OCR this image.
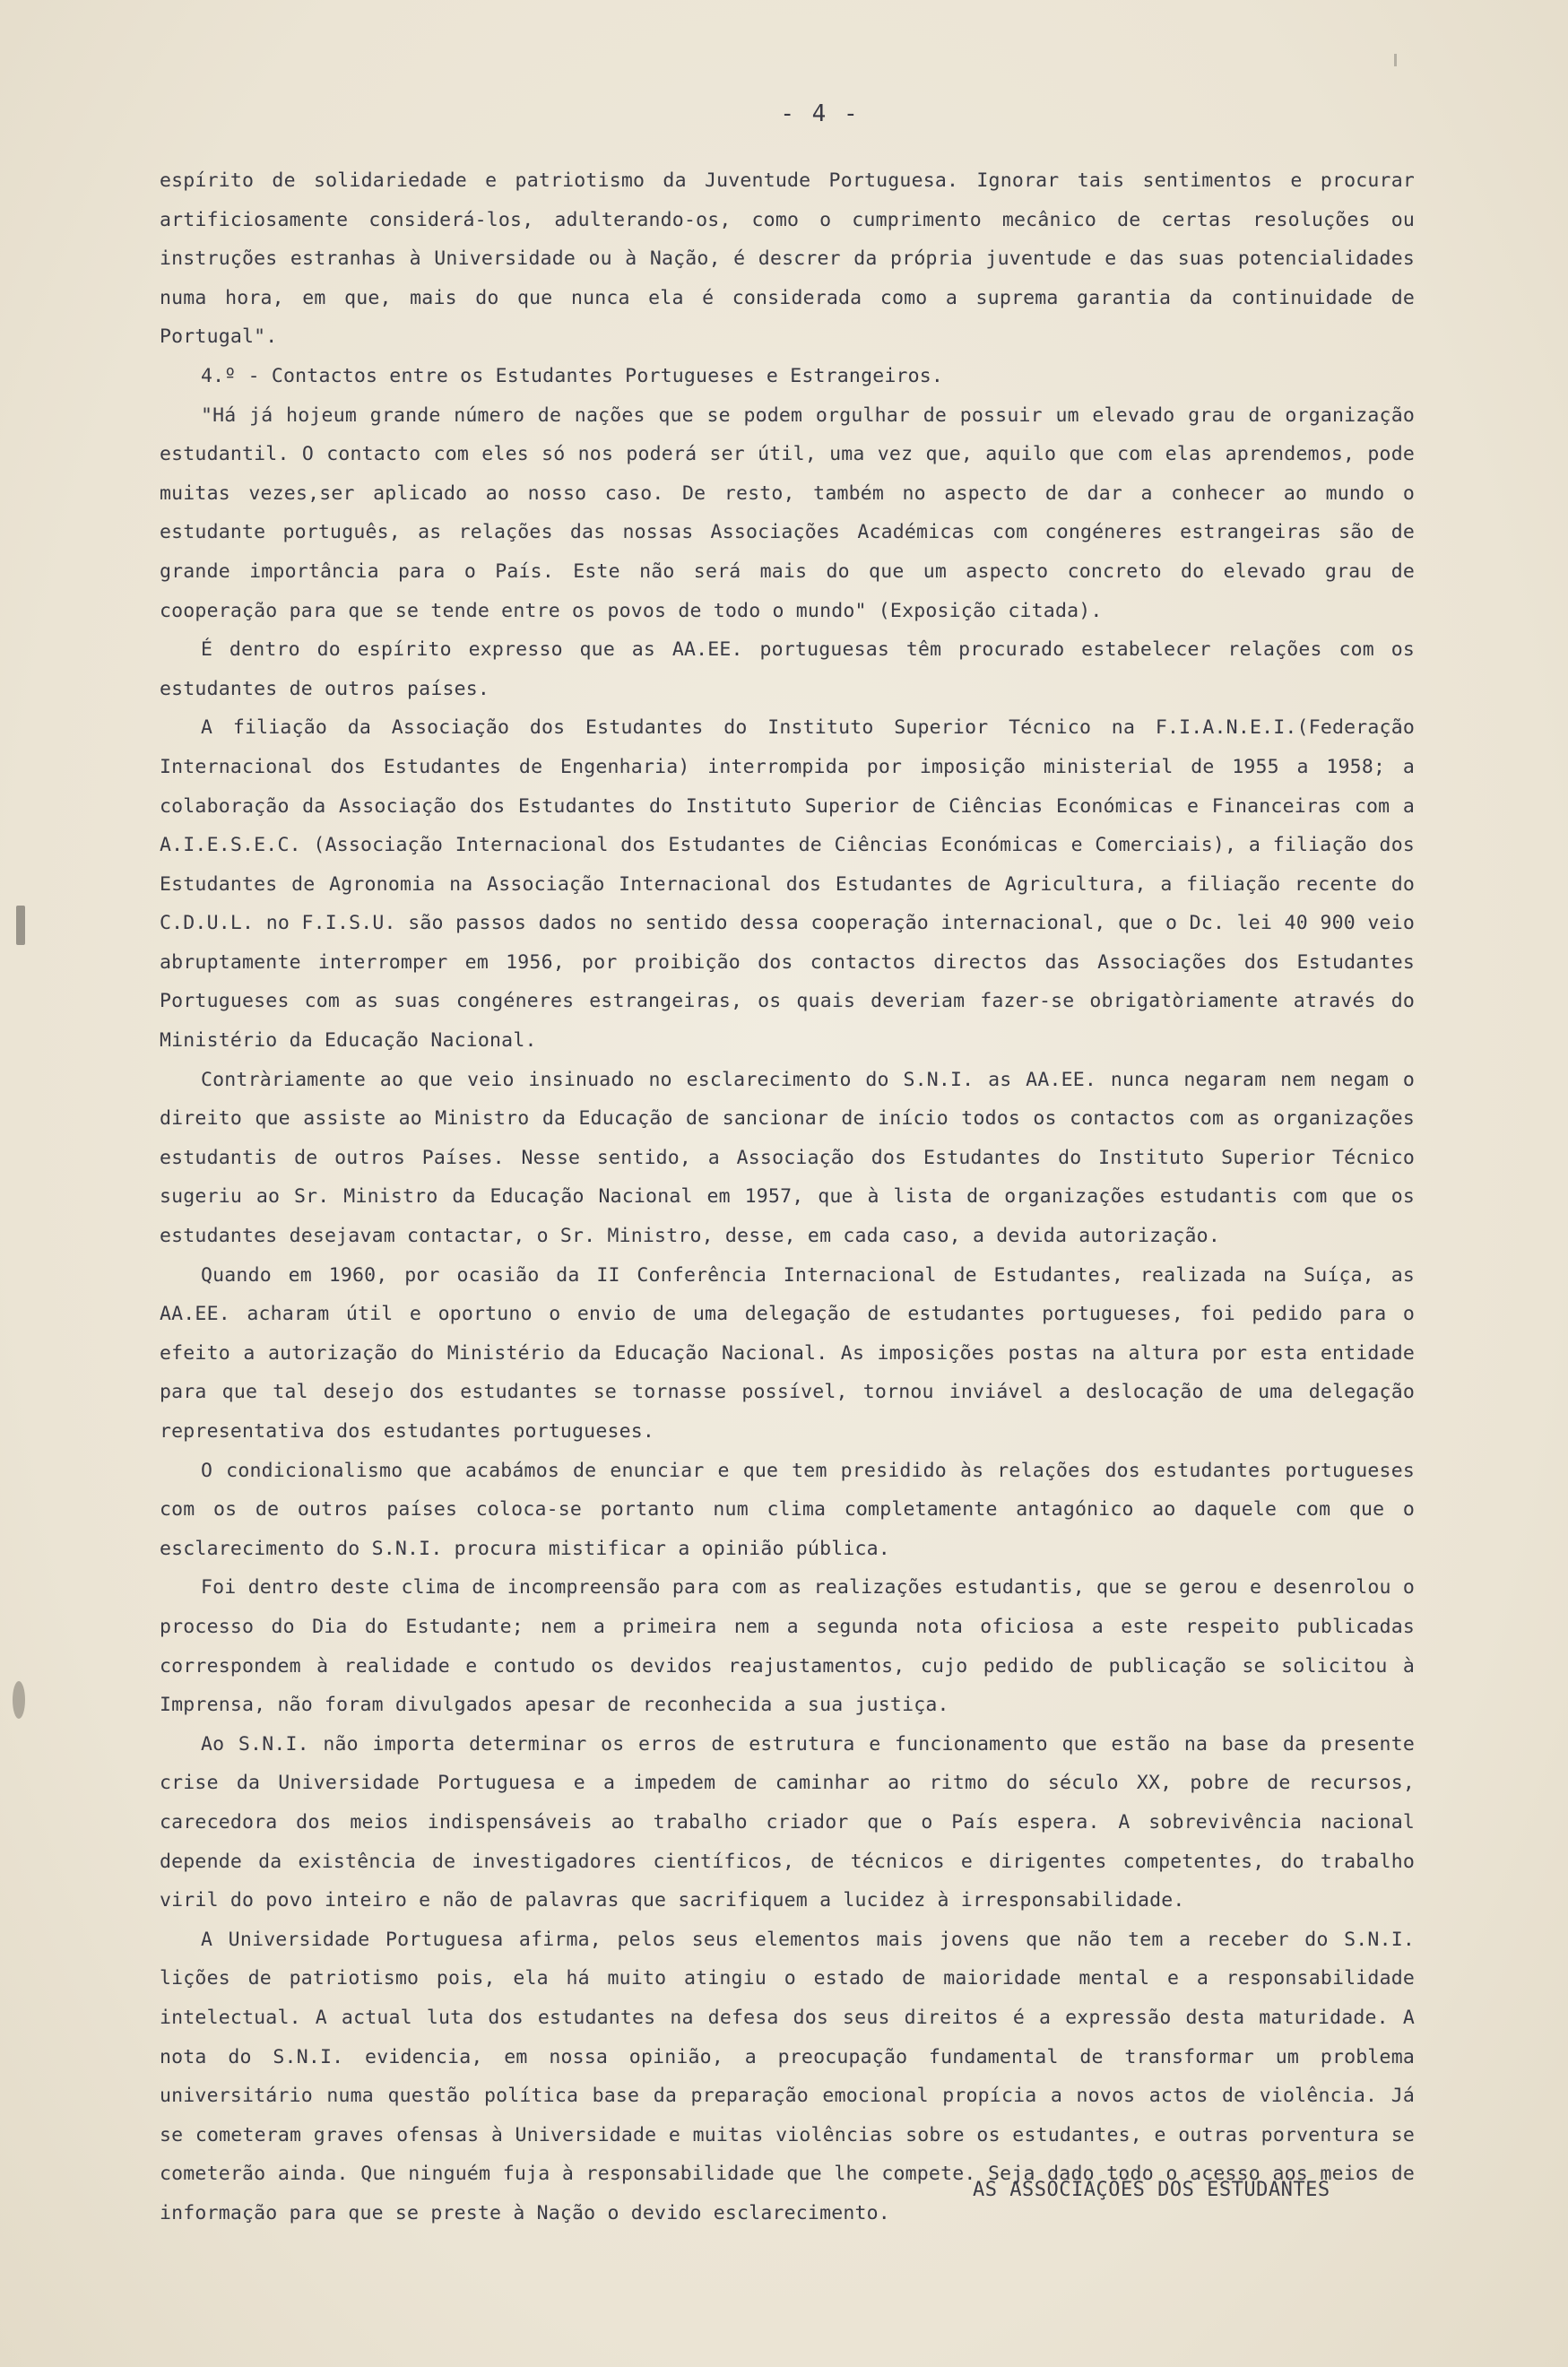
- 4 -

espírito de solidariedade e patriotismo da Juventude Portuguesa. Ignorar tais sentimentos e procurar artificiosamente considerá-los, adulterando-os, como o cumprimento mecânico de certas resoluções ou instruções estranhas à Universidade ou à Nação, é descrer da própria juventude e das suas potencialidades numa hora, em que, mais do que nunca ela é considerada como a suprema garantia da continuidade de Portugal".

4.º - Contactos entre os Estudantes Portugueses e Estrangeiros.

"Há já hojeum grande número de nações que se podem orgulhar de possuir um elevado grau de organização estudantil. O contacto com eles só nos poderá ser útil, uma vez que, aquilo que com elas aprendemos, pode muitas vezes,ser aplicado ao nosso caso. De resto, também no aspecto de dar a conhecer ao mundo o estudante português, as relações das nossas Associações Académicas com congéneres estrangeiras são de grande importância para o País. Este não será mais do que um aspecto concreto do elevado grau de cooperação para que se tende entre os povos de todo o mundo" (Exposição citada).

É dentro do espírito expresso que as AA.EE. portuguesas têm procurado estabelecer relações com os estudantes de outros países.

A filiação da Associação dos Estudantes do Instituto Superior Técnico na F.I.A.N.E.I.(Federação Internacional dos Estudantes de Engenharia) interrompida por imposição ministerial de 1955 a 1958; a colaboração da Associação dos Estudantes do Instituto Superior de Ciências Económicas e Financeiras com a A.I.E.S.E.C. (Associação Internacional dos Estudantes de Ciências Económicas e Comerciais), a filiação dos Estudantes de Agronomia na Associação Internacional dos Estudantes de Agricultura, a filiação recente do C.D.U.L. no F.I.S.U. são passos dados no sentido dessa cooperação internacional, que o Dc. lei 40 900 veio abruptamente interromper em 1956, por proibição dos contactos directos das Associações dos Estudantes Portugueses com as suas congéneres estrangeiras, os quais deveriam fazer-se obrigatòriamente através do Ministério da Educação Nacional.

Contràriamente ao que veio insinuado no esclarecimento do S.N.I. as AA.EE. nunca negaram nem negam o direito que assiste ao Ministro da Educação de sancionar de início todos os contactos com as organizações estudantis de outros Países. Nesse sentido, a Associação dos Estudantes do Instituto Superior Técnico sugeriu ao Sr. Ministro da Educação Nacional em 1957, que à lista de organizações estudantis com que os estudantes desejavam contactar, o Sr. Ministro, desse, em cada caso, a devida autorização.

Quando em 1960, por ocasião da II Conferência Internacional de Estudantes, realizada na Suíça, as AA.EE. acharam útil e oportuno o envio de uma delegação de estudantes portugueses, foi pedido para o efeito a autorização do Ministério da Educação Nacional. As imposições postas na altura por esta entidade para que tal desejo dos estudantes se tornasse possível, tornou inviável a deslocação de uma delegação representativa dos estudantes portugueses.

O condicionalismo que acabámos de enunciar e que tem presidido às relações dos estudantes portugueses com os de outros países coloca-se portanto num clima completamente antagónico ao daquele com que o esclarecimento do S.N.I. procura mistificar a opinião pública.

Foi dentro deste clima de incompreensão para com as realizações estudantis, que se gerou e desenrolou o processo do Dia do Estudante; nem a primeira nem a segunda nota oficiosa a este respeito publicadas correspondem à realidade e contudo os devidos reajustamentos, cujo pedido de publicação se solicitou à Imprensa, não foram divulgados apesar de reconhecida a sua justiça.

Ao S.N.I. não importa determinar os erros de estrutura e funcionamento que estão na base da presente crise da Universidade Portuguesa e a impedem de caminhar ao ritmo do século XX, pobre de recursos, carecedora dos meios indispensáveis ao trabalho criador que o País espera. A sobrevivência nacional depende da existência de investigadores científicos, de técnicos e dirigentes competentes, do trabalho viril do povo inteiro e não de palavras que sacrifiquem a lucidez à irresponsabilidade.

A Universidade Portuguesa afirma, pelos seus elementos mais jovens que não tem a receber do S.N.I. lições de patriotismo pois, ela há muito atingiu o estado de maioridade mental e a responsabilidade intelectual. A actual luta dos estudantes na defesa dos seus direitos é a expressão desta maturidade. A nota do S.N.I. evidencia, em nossa opinião, a preocupação fundamental de transformar um problema universitário numa questão política base da preparação emocional propícia a novos actos de violência. Já se cometeram graves ofensas à Universidade e muitas violências sobre os estudantes, e outras porventura se cometerão ainda. Que ninguém fuja à responsabilidade que lhe compete. Seja dado todo o acesso aos meios de informação para que se preste à Nação o devido esclarecimento.

AS ASSOCIAÇÕES DOS ESTUDANTES
